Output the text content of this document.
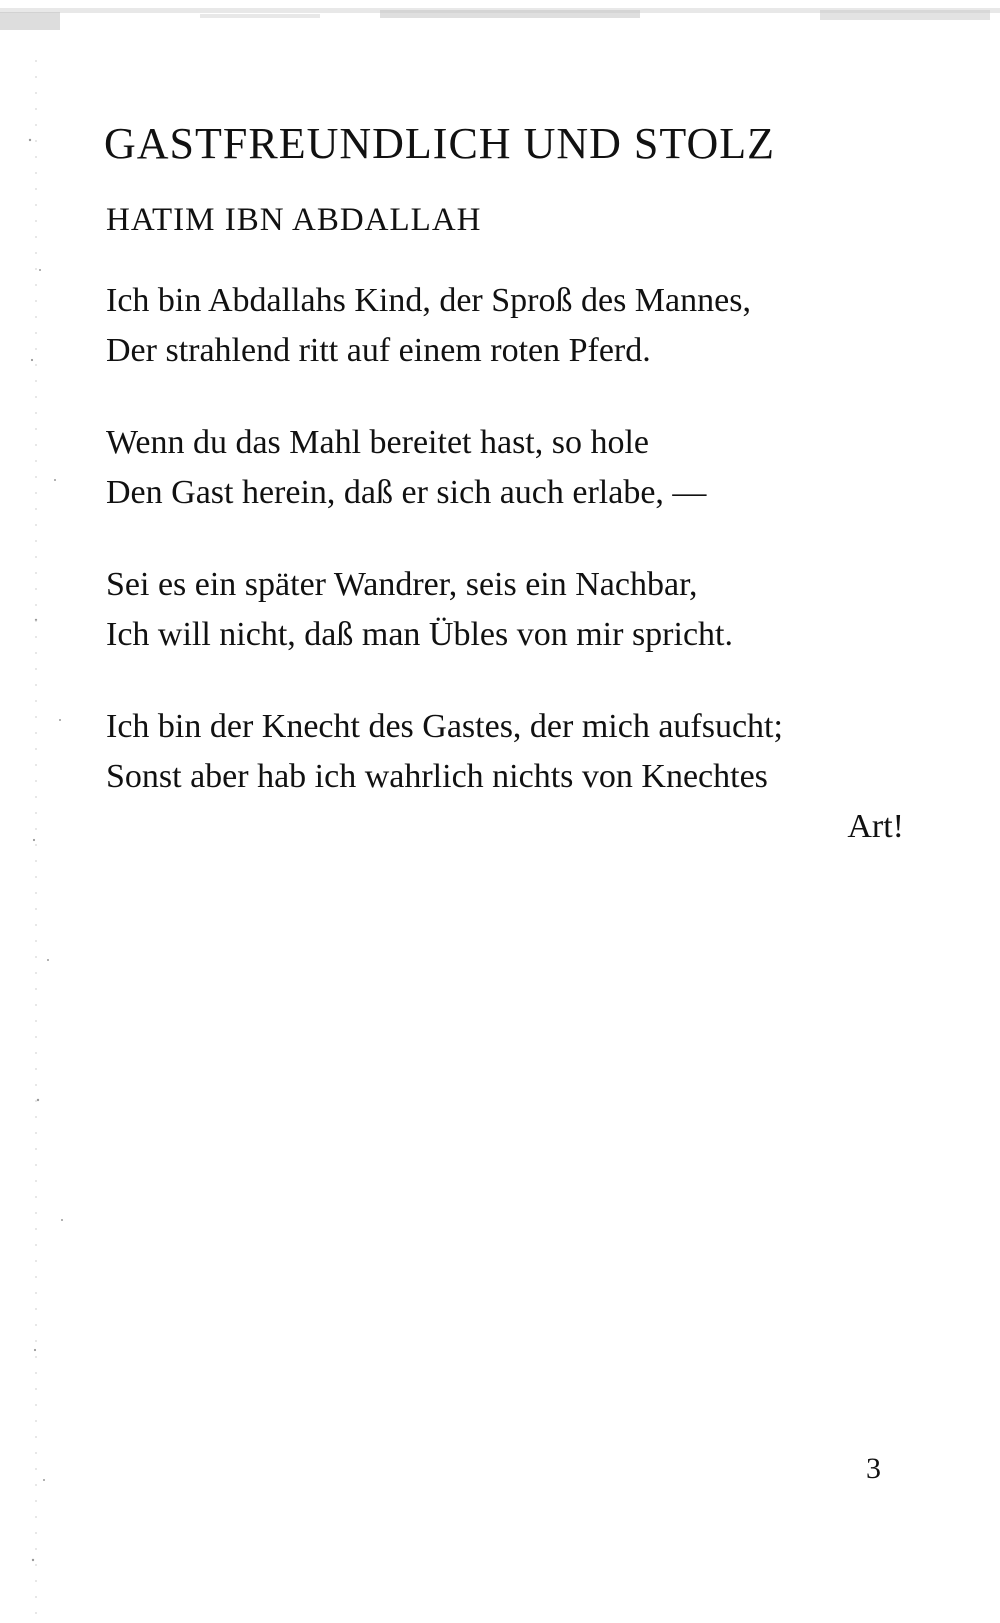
GASTFREUNDLICH UND STOLZ
HATIM IBN ABDALLAH

Ich bin Abdallahs Kind, der Sproß des Mannes,
Der strahlend ritt auf einem roten Pferd.

Wenn du das Mahl bereitet hast, so hole
Den Gast herein, daß er sich auch erlabe, —

Sei es ein später Wandrer, seis ein Nachbar,
Ich will nicht, daß man Übles von mir spricht.

Ich bin der Knecht des Gastes, der mich aufsucht;
Sonst aber hab ich wahrlich nichts von Knechtes
Art!

3
